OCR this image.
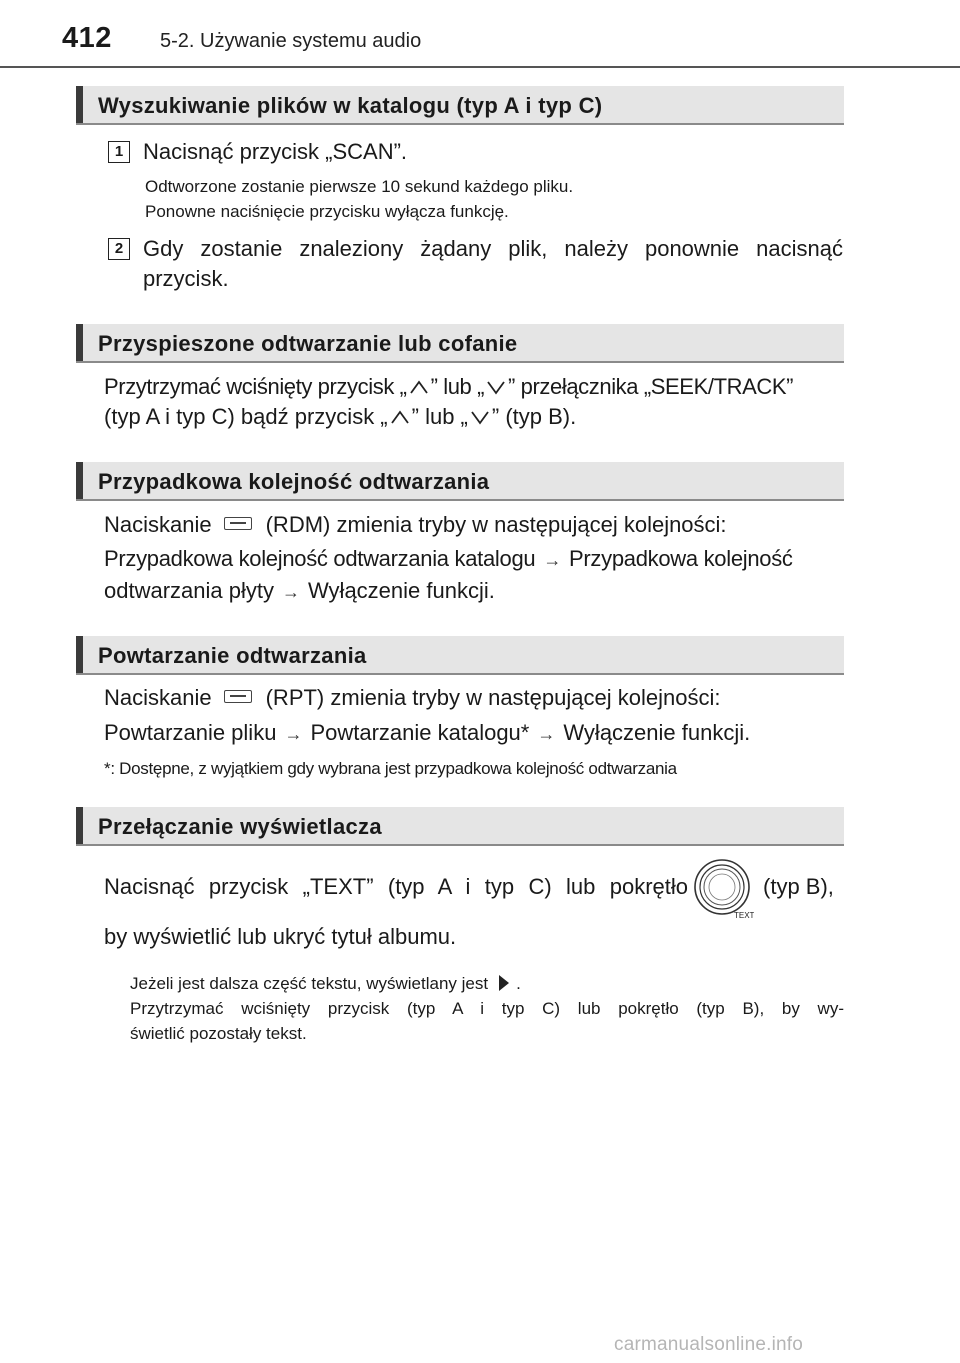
412 5-2. Używanie systemu audio
Wyszukiwanie plików w katalogu (typ A i typ C)
1 Nacisnąć przycisk „SCAN”.
Odtworzone zostanie pierwsze 10 sekund każdego pliku.
Ponowne naciśnięcie przycisku wyłącza funkcję.
2 Gdy zostanie znaleziony żądany plik, należy ponownie nacisnąć
przycisk.
Przyspieszone odtwarzanie lub cofanie
Przytrzymać wciśnięty przycisk „ ” lub „ ” przełącznika „SEEK/TRACK”
(typ A i typ C) bądź przycisk „ ” lub „ ” (typ B).
Przypadkowa kolejność odtwarzania
Naciskanie (RDM) zmienia tryby w następującej kolejności:
Przypadkowa kolejność odtwarzania katalogu → Przypadkowa kolejność
odtwarzania płyty → Wyłączenie funkcji.
Powtarzanie odtwarzania
Naciskanie (RPT) zmienia tryby w następującej kolejności:
Powtarzanie pliku → Powtarzanie katalogu* → Wyłączenie funkcji.
*: Dostępne, z wyjątkiem gdy wybrana jest przypadkowa kolejność odtwarzania
Przełączanie wyświetlacza
Nacisnąć przycisk „TEXT” (typ A i typ C) lub pokrętło
TEXT
(typ B),
by wyświetlić lub ukryć tytuł albumu.
Jeżeli jest dalsza część tekstu, wyświetlany jest .
Przytrzymać wciśnięty przycisk (typ A i typ C) lub pokrętło (typ B), by wy-
świetlić pozostały tekst.
carmanualsonline.info
